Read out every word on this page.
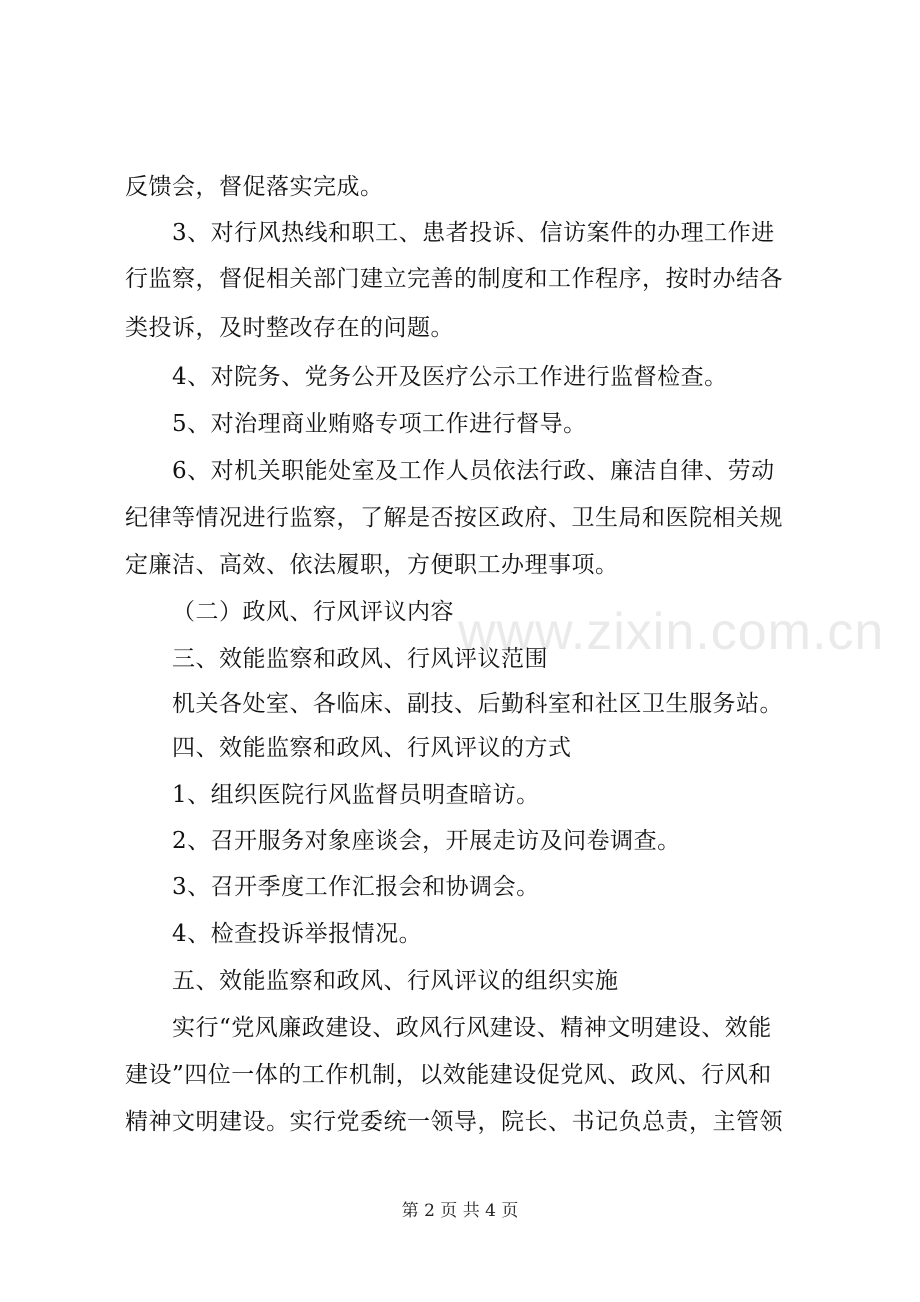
反馈会，督促落实完成。
3、对行风热线和职工、患者投诉、信访案件的办理工作进
行监察，督促相关部门建立完善的制度和工作程序，按时办结各
类投诉，及时整改存在的问题。
4、对院务、党务公开及医疗公示工作进行监督检查。
5、对治理商业贿赂专项工作进行督导。
6、对机关职能处室及工作人员依法行政、廉洁自律、劳动
纪律等情况进行监察，了解是否按区政府、卫生局和医院相关规
定廉洁、高效、依法履职，方便职工办理事项。
（二）政风、行风评议内容
三、效能监察和政风、行风评议范围
机关各处室、各临床、副技、后勤科室和社区卫生服务站。
四、效能监察和政风、行风评议的方式
1、组织医院行风监督员明查暗访。
2、召开服务对象座谈会，开展走访及问卷调查。
3、召开季度工作汇报会和协调会。
4、检查投诉举报情况。
五、效能监察和政风、行风评议的组织实施
实行“党风廉政建设、政风行风建设、精神文明建设、效能
建设”四位一体的工作机制，以效能建设促党风、政风、行风和
精神文明建设。实行党委统一领导，院长、书记负总责，主管领
www.zixin.com.cn
第 2 页 共 4 页
